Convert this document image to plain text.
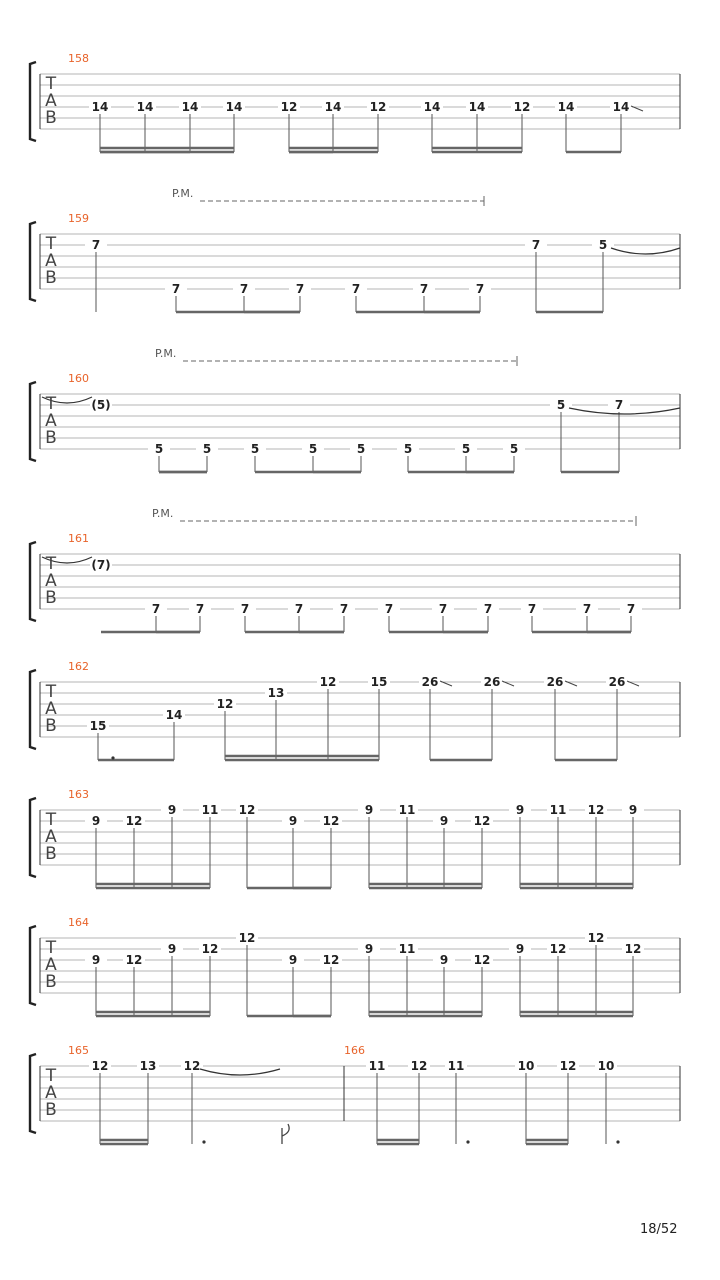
14 14 14 14	12 14 12	14 14 12 14	14
T
A
B
158
7
7	7	7	7	7	7
7	5
T
A
B
159
P.M.
(5)
5	5	5	5	5	5	5	5
5	7
T
A
B
160
P.M.
(7)
7	7	7	7	7	7	7	7	7	7	7
T
A
B
161
P.M.
15
14
12
13
12	15	26	26	26	26
T
A
B
162
9 12
9 11 12
9 12
9 11
9 12
9 11 12 9
T
A
B
163
9 12
9 12
12
9 12
9 11
9 12
9 12
12
12
T
A
B
164
12	13 12	11 12 11	10 12 10
T
A
B
165	166
18/52
